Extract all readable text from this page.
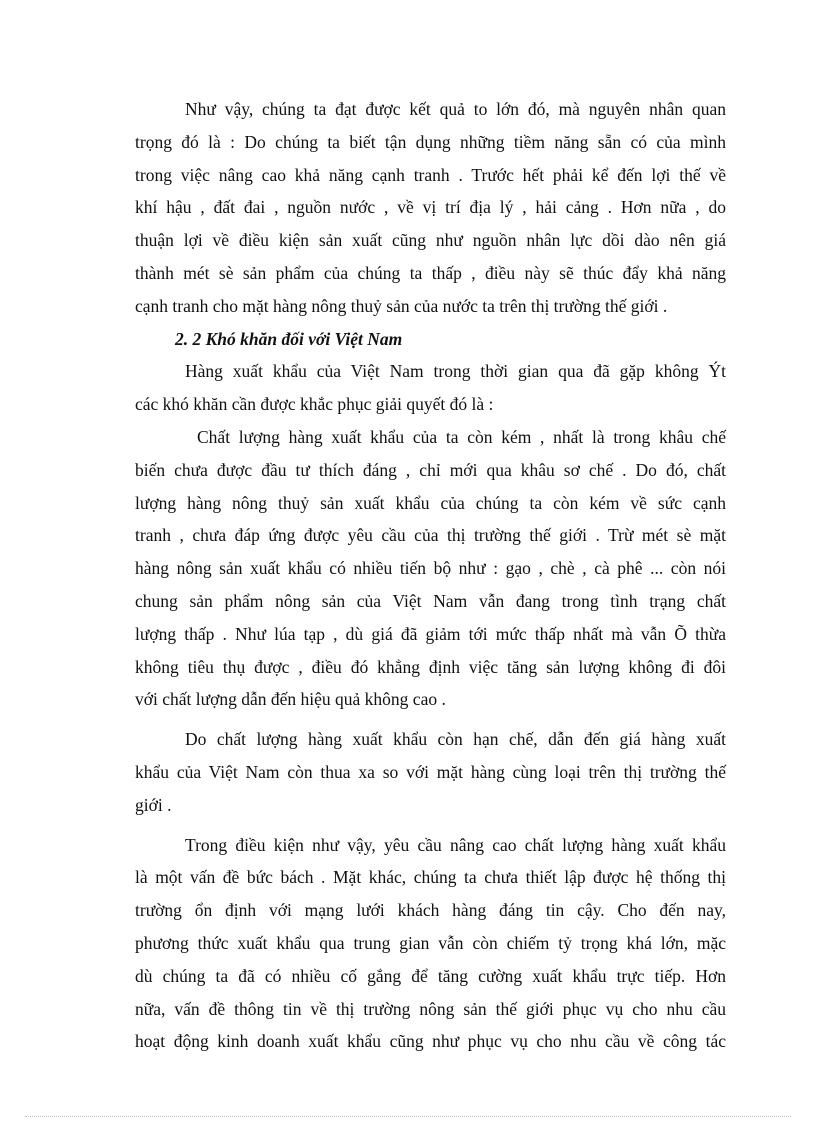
Như vậy, chúng ta đạt được kết quả to lớn đó, mà nguyên nhân quan
trọng đó là : Do chúng ta biết tận dụng những tiềm năng sẵn có của mình
trong việc nâng cao khả năng cạnh tranh . Trước hết phải kể đến lợi thế về
khí hậu , đất đai , nguồn nước , về vị trí địa lý , hải cảng . Hơn nữa , do
thuận lợi về điều kiện sản xuất cũng như nguồn nhân lực dồi dào nên giá
thành mét sè sản phẩm của chúng ta thấp , điều này sẽ thúc đẩy khả năng
cạnh tranh cho mặt hàng nông thuỷ sản của nước ta trên thị trường thế giới .
2. 2 Khó khăn đối với Việt Nam
Hàng xuất khẩu của Việt Nam trong thời gian qua đã gặp không Ýt
các khó khăn cần được khắc phục giải quyết đó là :
Chất lượng hàng xuất khẩu của ta còn kém , nhất là trong khâu chế
biến chưa được đầu tư thích đáng , chỉ mới qua khâu sơ chế . Do đó, chất
lượng hàng nông thuỷ sản xuất khẩu của chúng ta còn kém về sức cạnh
tranh , chưa đáp ứng được yêu cầu của thị trường thế giới . Trừ mét sè mặt
hàng nông sản xuất khẩu có nhiều tiến bộ như : gạo , chè , cà phê ... còn nói
chung sản phẩm nông sản của Việt Nam vẫn đang trong tình trạng chất
lượng thấp . Như lúa tạp , dù giá đã giảm tới mức thấp nhất mà vẫn Õ thừa
không tiêu thụ được , điều đó khẳng định việc tăng sản lượng không đi đôi
với chất lượng dẫn đến hiệu quả không cao .
Do chất lượng hàng xuất khẩu còn hạn chế, dẫn đến giá hàng xuất
khẩu của Việt Nam còn thua xa so với mặt hàng cùng loại trên thị trường thế
giới .
Trong điều kiện như vậy, yêu cầu nâng cao chất lượng hàng xuất khẩu
là một vấn đề bức bách . Mặt khác, chúng ta chưa thiết lập được hệ thống thị
trường ổn định với mạng lưới khách hàng đáng tin cậy. Cho đến nay,
phương thức xuất khẩu qua trung gian vẫn còn chiếm tỷ trọng khá lớn, mặc
dù chúng ta đã có nhiều cố gắng để tăng cường xuất khẩu trực tiếp. Hơn
nữa, vấn đề thông tin về thị trường nông sản thế giới phục vụ cho nhu cầu
hoạt động kinh doanh xuất khẩu cũng như phục vụ cho nhu cầu về công tác
